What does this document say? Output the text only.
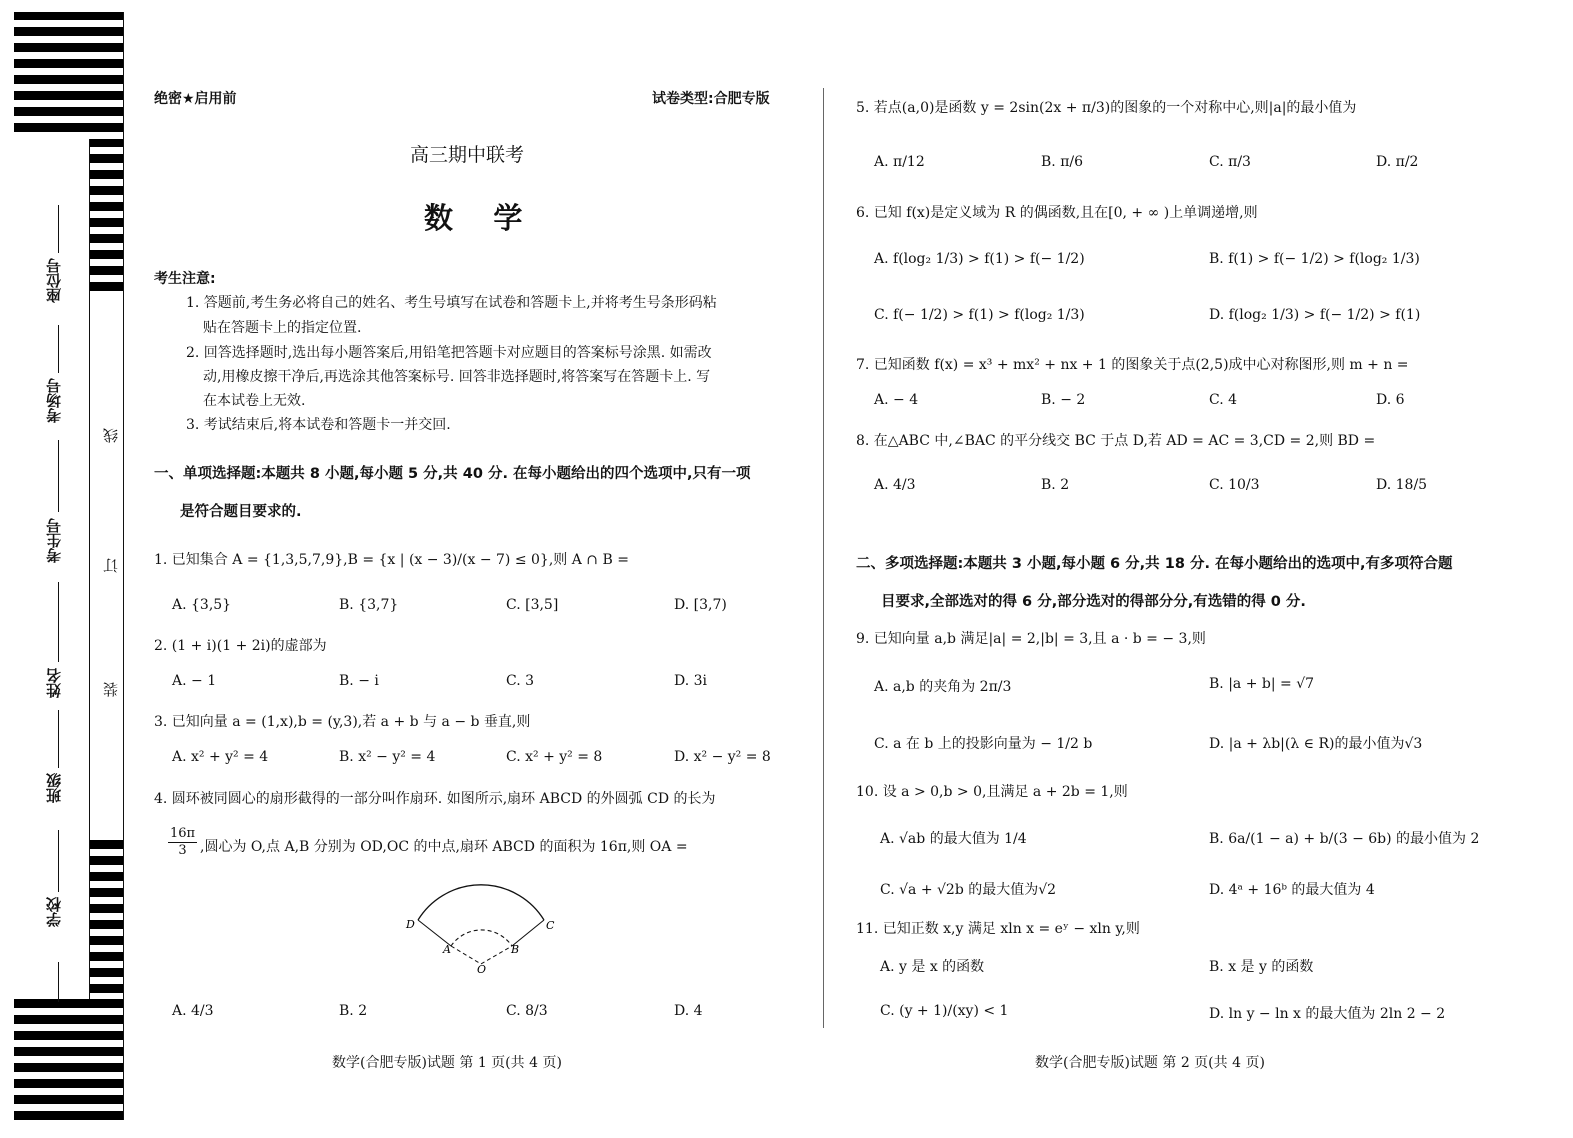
座位号
考场号
考生号
姓名
班级
学校
线
订
装
绝密★启用前	试卷类型:合肥专版
高三期中联考
数    学
考生注意:
1. 答题前,考生务必将自己的姓名、考生号填写在试卷和答题卡上,并将考生号条形码粘
贴在答题卡上的指定位置.
2. 回答选择题时,选出每小题答案后,用铅笔把答题卡对应题目的答案标号涂黑. 如需改
动,用橡皮擦干净后,再选涂其他答案标号. 回答非选择题时,将答案写在答题卡上. 写
在本试卷上无效.
3. 考试结束后,将本试卷和答题卡一并交回.
一、单项选择题:本题共 8 小题,每小题 5 分,共 40 分. 在每小题给出的四个选项中,只有一项
是符合题目要求的.
1. 已知集合 A = {1,3,5,7,9},B = {x | (x − 3)/(x − 7) ≤ 0},则 A ∩ B =
A. {3,5}	B. {3,7}	C. [3,5]	D. [3,7)
2. (1 + i)(1 + 2i)的虚部为
A. − 1	B. − i	C. 3	D. 3i
3. 已知向量 a = (1,x),b = (y,3),若 a + b 与 a − b 垂直,则
A. x² + y² = 4	B. x² − y² = 4	C. x² + y² = 8	D. x² − y² = 8
4. 圆环被同圆心的扇形截得的一部分叫作扇环. 如图所示,扇环 ABCD 的外圆弧 CD 的长为
16π
3 ,圆心为 O,点 A,B 分别为 OD,OC 的中点,扇环 ABCD 的面积为 16π,则 OA =
D
A	B
C
O
A. 4/3	B. 2	C. 8/3	D. 4
数学(合肥专版)试题 第 1 页(共 4 页)
5. 若点(a,0)是函数 y = 2sin(2x + π/3)的图象的一个对称中心,则|a|的最小值为
A. π/12	B. π/6	C. π/3	D. π/2
6. 已知 f(x)是定义域为 R 的偶函数,且在[0, + ∞ )上单调递增,则
A. f(log₂ 1/3) > f(1) > f(− 1/2)	B. f(1) > f(− 1/2) > f(log₂ 1/3)
C. f(− 1/2) > f(1) > f(log₂ 1/3)	D. f(log₂ 1/3) > f(− 1/2) > f(1)
7. 已知函数 f(x) = x³ + mx² + nx + 1 的图象关于点(2,5)成中心对称图形,则 m + n =
A. − 4	B. − 2	C. 4	D. 6
8. 在△ABC 中,∠BAC 的平分线交 BC 于点 D,若 AD = AC = 3,CD = 2,则 BD =
A. 4/3	B. 2	C. 10/3	D. 18/5
二、多项选择题:本题共 3 小题,每小题 6 分,共 18 分. 在每小题给出的选项中,有多项符合题
目要求,全部选对的得 6 分,部分选对的得部分分,有选错的得 0 分.
9. 已知向量 a,b 满足|a| = 2,|b| = 3,且 a · b = − 3,则
A. a,b 的夹角为 2π/3	B. |a + b| = √7
C. a 在 b 上的投影向量为 − 1/2 b	D. |a + λb|(λ ∈ R)的最小值为√3
10. 设 a > 0,b > 0,且满足 a + 2b = 1,则
A. √ab 的最大值为 1/4	B. 6a/(1 − a) + b/(3 − 6b) 的最小值为 2
C. √a + √2b 的最大值为√2	D. 4ᵃ + 16ᵇ 的最大值为 4
11. 已知正数 x,y 满足 xln x = eʸ − xln y,则
A. y 是 x 的函数	B. x 是 y 的函数
C. (y + 1)/(xy) < 1	D. ln y − ln x 的最大值为 2ln 2 − 2
数学(合肥专版)试题 第 2 页(共 4 页)
